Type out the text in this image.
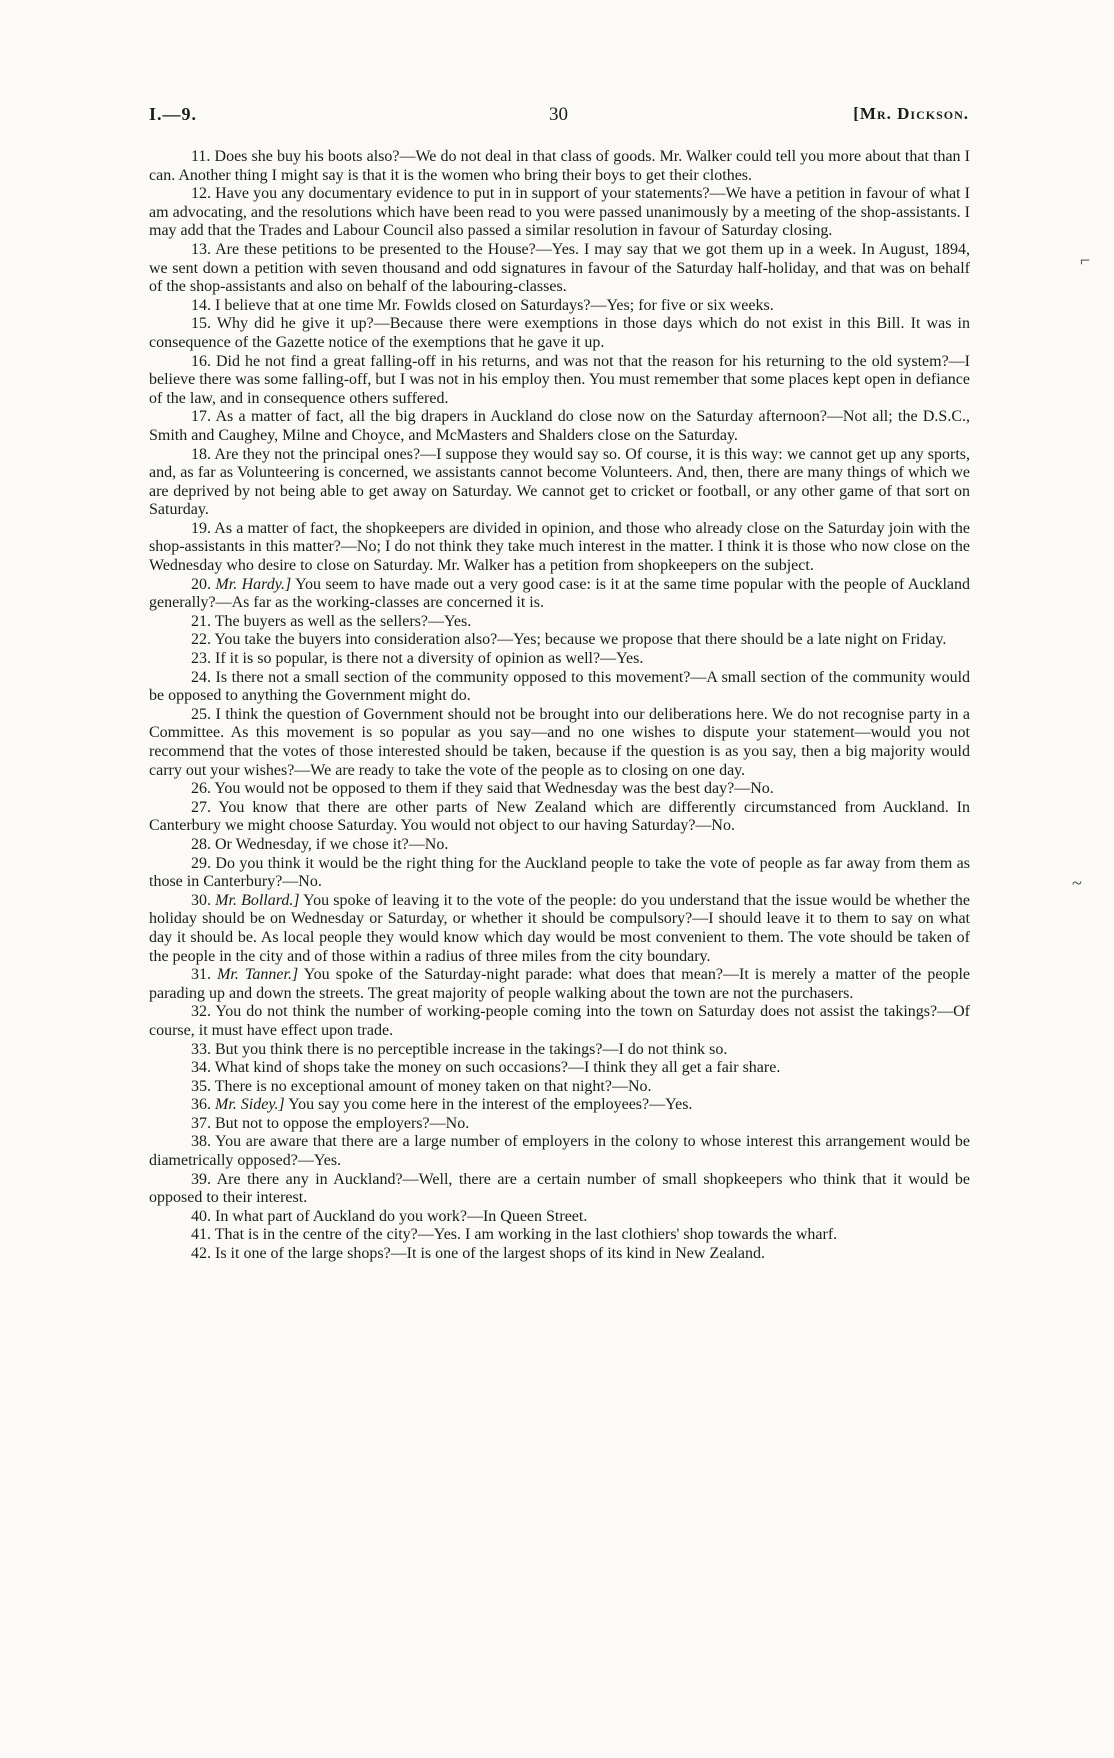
I.—9.	30	[Mr. Dickson.

11. Does she buy his boots also?—We do not deal in that class of goods. Mr. Walker could tell you more about that than I can. Another thing I might say is that it is the women who bring their boys to get their clothes.

12. Have you any documentary evidence to put in in support of your statements?—We have a petition in favour of what I am advocating, and the resolutions which have been read to you were passed unanimously by a meeting of the shop-assistants. I may add that the Trades and Labour Council also passed a similar resolution in favour of Saturday closing.

13. Are these petitions to be presented to the House?—Yes. I may say that we got them up in a week. In August, 1894, we sent down a petition with seven thousand and odd signatures in favour of the Saturday half-holiday, and that was on behalf of the shop-assistants and also on behalf of the labouring-classes.

14. I believe that at one time Mr. Fowlds closed on Saturdays?—Yes; for five or six weeks.

15. Why did he give it up?—Because there were exemptions in those days which do not exist in this Bill. It was in consequence of the Gazette notice of the exemptions that he gave it up.

16. Did he not find a great falling-off in his returns, and was not that the reason for his returning to the old system?—I believe there was some falling-off, but I was not in his employ then. You must remember that some places kept open in defiance of the law, and in consequence others suffered.

17. As a matter of fact, all the big drapers in Auckland do close now on the Saturday afternoon?—Not all; the D.S.C., Smith and Caughey, Milne and Choyce, and McMasters and Shalders close on the Saturday.

18. Are they not the principal ones?—I suppose they would say so. Of course, it is this way: we cannot get up any sports, and, as far as Volunteering is concerned, we assistants cannot become Volunteers. And, then, there are many things of which we are deprived by not being able to get away on Saturday. We cannot get to cricket or football, or any other game of that sort on Saturday.

19. As a matter of fact, the shopkeepers are divided in opinion, and those who already close on the Saturday join with the shop-assistants in this matter?—No; I do not think they take much interest in the matter. I think it is those who now close on the Wednesday who desire to close on Saturday. Mr. Walker has a petition from shopkeepers on the subject.

20. Mr. Hardy.] You seem to have made out a very good case: is it at the same time popular with the people of Auckland generally?—As far as the working-classes are concerned it is.

21. The buyers as well as the sellers?—Yes.

22. You take the buyers into consideration also?—Yes; because we propose that there should be a late night on Friday.

23. If it is so popular, is there not a diversity of opinion as well?—Yes.

24. Is there not a small section of the community opposed to this movement?—A small section of the community would be opposed to anything the Government might do.

25. I think the question of Government should not be brought into our deliberations here. We do not recognise party in a Committee. As this movement is so popular as you say—and no one wishes to dispute your statement—would you not recommend that the votes of those interested should be taken, because if the question is as you say, then a big majority would carry out your wishes?—We are ready to take the vote of the people as to closing on one day.

26. You would not be opposed to them if they said that Wednesday was the best day?—No.

27. You know that there are other parts of New Zealand which are differently circumstanced from Auckland. In Canterbury we might choose Saturday. You would not object to our having Saturday?—No.

28. Or Wednesday, if we chose it?—No.

29. Do you think it would be the right thing for the Auckland people to take the vote of people as far away from them as those in Canterbury?—No.

30. Mr. Bollard.] You spoke of leaving it to the vote of the people: do you understand that the issue would be whether the holiday should be on Wednesday or Saturday, or whether it should be compulsory?—I should leave it to them to say on what day it should be. As local people they would know which day would be most convenient to them. The vote should be taken of the people in the city and of those within a radius of three miles from the city boundary.

31. Mr. Tanner.] You spoke of the Saturday-night parade: what does that mean?—It is merely a matter of the people parading up and down the streets. The great majority of people walking about the town are not the purchasers.

32. You do not think the number of working-people coming into the town on Saturday does not assist the takings?—Of course, it must have effect upon trade.

33. But you think there is no perceptible increase in the takings?—I do not think so.

34. What kind of shops take the money on such occasions?—I think they all get a fair share.

35. There is no exceptional amount of money taken on that night?—No.

36. Mr. Sidey.] You say you come here in the interest of the employees?—Yes.

37. But not to oppose the employers?—No.

38. You are aware that there are a large number of employers in the colony to whose interest this arrangement would be diametrically opposed?—Yes.

39. Are there any in Auckland?—Well, there are a certain number of small shopkeepers who think that it would be opposed to their interest.

40. In what part of Auckland do you work?—In Queen Street.

41. That is in the centre of the city?—Yes. I am working in the last clothiers' shop towards the wharf.

42. Is it one of the large shops?—It is one of the largest shops of its kind in New Zealand.

⌐
~
